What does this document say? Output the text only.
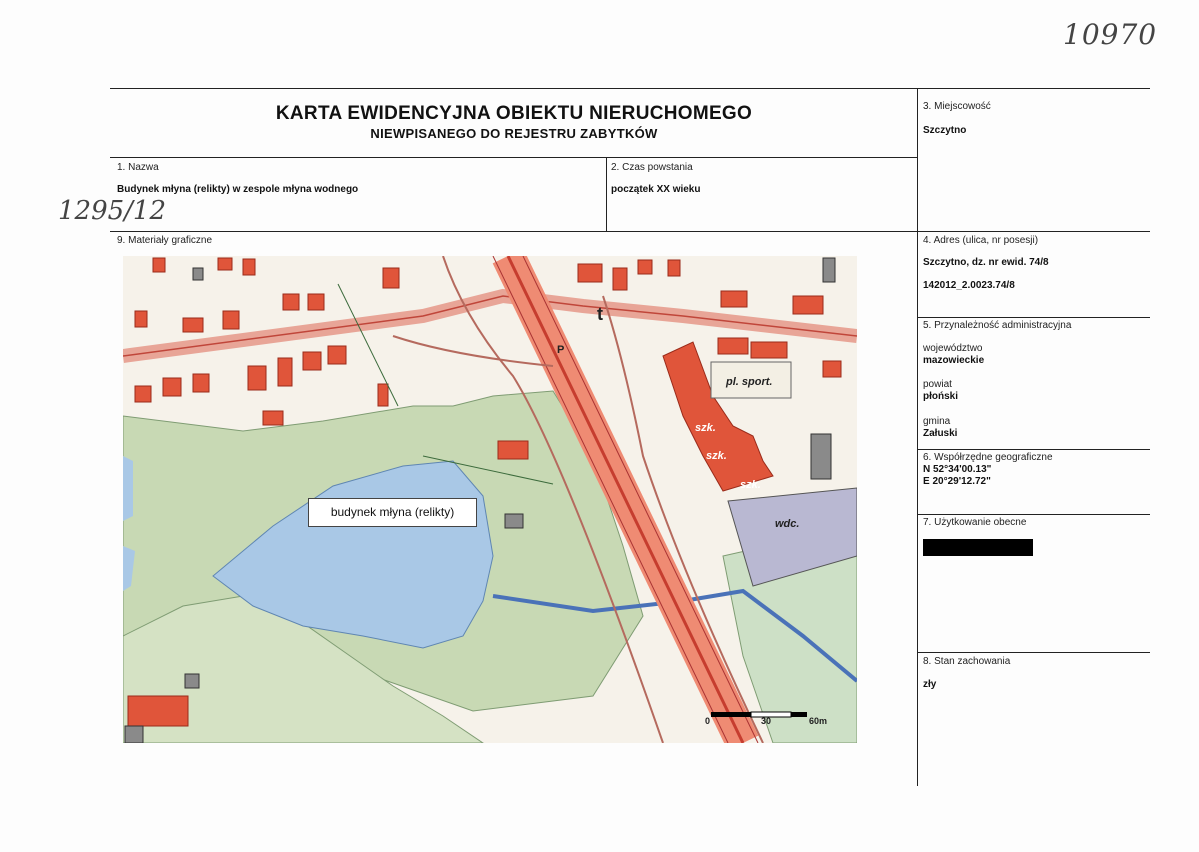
10970
KARTA EWIDENCYJNA OBIEKTU NIERUCHOMEGO
NIEWPISANEGO DO REJESTRU ZABYTKÓW
1. Nazwa
Budynek młyna (relikty) w zespole młyna wodnego
2. Czas powstania
początek XX wieku
1295/12
3. Miejscowość
Szczytno
4. Adres (ulica, nr posesji)
Szczytno, dz. nr ewid. 74/8
142012_2.0023.74/8
5. Przynależność administracyjna
województwo
mazowieckie
powiat
płoński
gmina
Załuski
6. Współrzędne geograficzne
N 52°34'00.13"
E 20°29'12.72"
7. Użytkowanie obecne
8. Stan zachowania
zły
9. Materiały graficzne
pl. sport.
szk.
szk.
szk.
wdc.
P
t
0	30	60m
budynek młyna (relikty)
